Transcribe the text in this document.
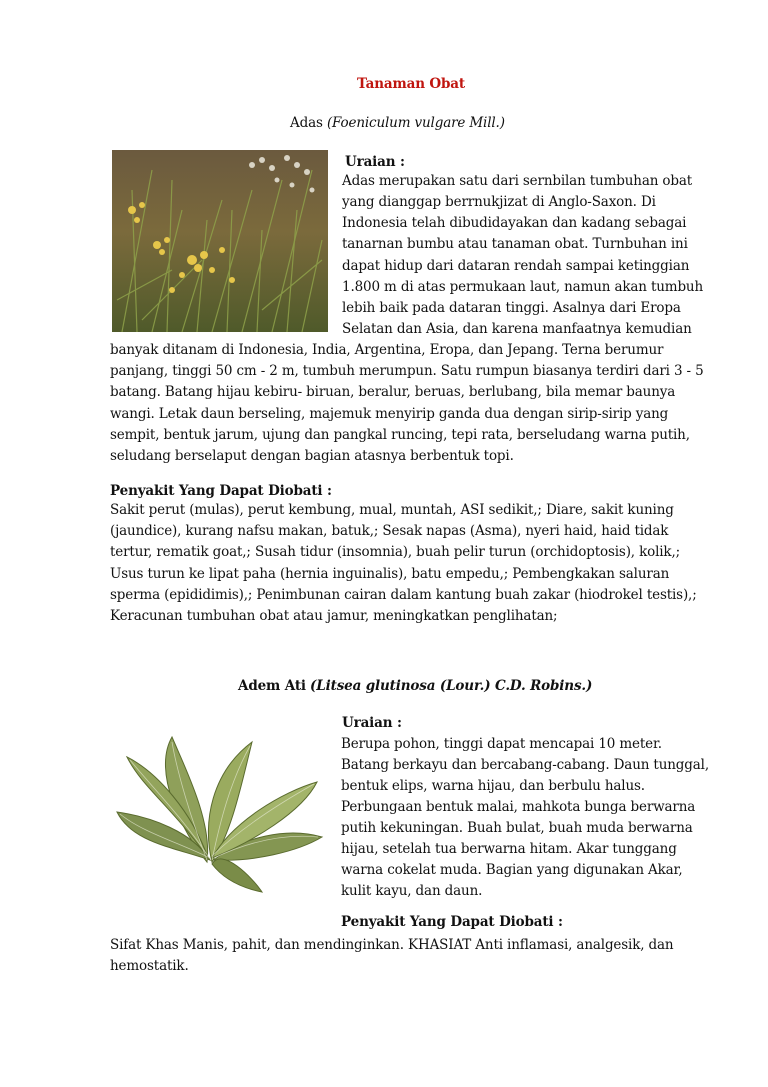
Tanaman Obat
Adas (Foeniculum vulgare Mill.)
Uraian :
Adas merupakan satu dari sernbilan tumbuhan obat
yang dianggap berrnukjizat di Anglo-Saxon. Di
Indonesia telah dibudidayakan dan kadang sebagai
tanarnan bumbu atau tanaman obat. Turnbuhan ini
dapat hidup dari dataran rendah sampai ketinggian
1.800 m di atas permukaan laut, namun akan tumbuh
lebih baik pada dataran tinggi. Asalnya dari Eropa
Selatan dan Asia, dan karena manfaatnya kemudian
banyak ditanam di Indonesia, India, Argentina, Eropa, dan Jepang. Terna berumur
panjang, tinggi 50 cm - 2 m, tumbuh merumpun. Satu rumpun biasanya terdiri dari 3 - 5
batang. Batang hijau kebiru- biruan, beralur, beruas, berlubang, bila memar baunya
wangi. Letak daun berseling, majemuk menyirip ganda dua dengan sirip-sirip yang
sempit, bentuk jarum, ujung dan pangkal runcing, tepi rata, berseludang warna putih,
seludang berselaput dengan bagian atasnya berbentuk topi.
Penyakit Yang Dapat Diobati :
Sakit perut (mulas), perut kembung, mual, muntah, ASI sedikit,; Diare, sakit kuning
(jaundice), kurang nafsu makan, batuk,; Sesak napas (Asma), nyeri haid, haid tidak
tertur, rematik goat,; Susah tidur (insomnia), buah pelir turun (orchidoptosis), kolik,;
Usus turun ke lipat paha (hernia inguinalis), batu empedu,; Pembengkakan saluran
sperma (epididimis),; Penimbunan cairan dalam kantung buah zakar (hiodrokel testis),;
Keracunan tumbuhan obat atau jamur, meningkatkan penglihatan;
Adem Ati (Litsea glutinosa (Lour.) C.D. Robins.)
Uraian :
Berupa pohon, tinggi dapat mencapai 10 meter.
Batang berkayu dan bercabang-cabang. Daun tunggal,
bentuk elips, warna hijau, dan berbulu halus.
Perbungaan bentuk malai, mahkota bunga berwarna
putih kekuningan. Buah bulat, buah muda berwarna
hijau, setelah tua berwarna hitam. Akar tunggang
warna cokelat muda. Bagian yang digunakan Akar,
kulit kayu, dan daun.
Penyakit Yang Dapat Diobati :
Sifat Khas Manis, pahit, dan mendinginkan. KHASIAT Anti inflamasi, analgesik, dan
hemostatik.
